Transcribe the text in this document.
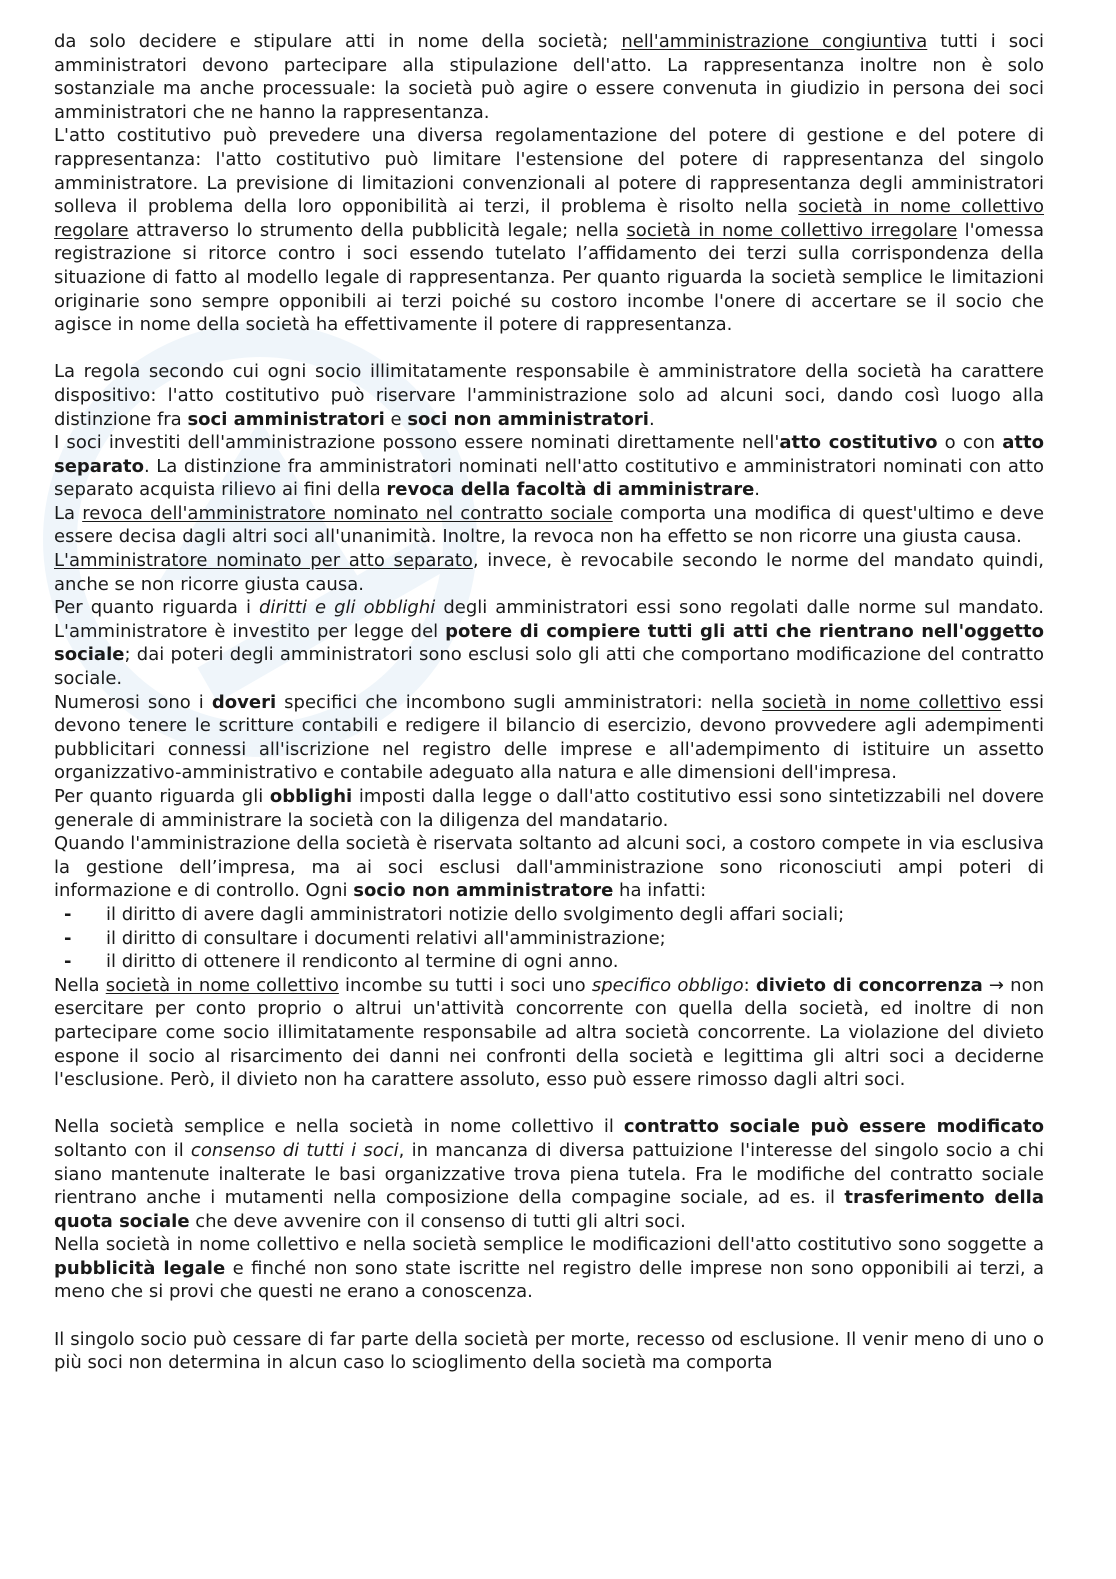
da solo decidere e stipulare atti in nome della società; nell'amministrazione congiuntiva tutti i soci amministratori devono partecipare alla stipulazione dell'atto. La rappresentanza inoltre non è solo sostanziale ma anche processuale: la società può agire o essere convenuta in giudizio in persona dei soci amministratori che ne hanno la rappresentanza.

L'atto costitutivo può prevedere una diversa regolamentazione del potere di gestione e del potere di rappresentanza: l'atto costitutivo può limitare l'estensione del potere di rappresentanza del singolo amministratore. La previsione di limitazioni convenzionali al potere di rappresentanza degli amministratori solleva il problema della loro opponibilità ai terzi, il problema è risolto nella società in nome collettivo regolare attraverso lo strumento della pubblicità legale; nella società in nome collettivo irregolare l'omessa registrazione si ritorce contro i soci essendo tutelato l’affidamento dei terzi sulla corrispondenza della situazione di fatto al modello legale di rappresentanza. Per quanto riguarda la società semplice le limitazioni originarie sono sempre opponibili ai terzi poiché su costoro incombe l'onere di accertare se il socio che agisce in nome della società ha effettivamente il potere di rappresentanza.

La regola secondo cui ogni socio illimitatamente responsabile è amministratore della società ha carattere dispositivo: l'atto costitutivo può riservare l'amministrazione solo ad alcuni soci, dando così luogo alla distinzione fra soci amministratori e soci non amministratori.

I soci investiti dell'amministrazione possono essere nominati direttamente nell'atto costitutivo o con atto separato. La distinzione fra amministratori nominati nell'atto costitutivo e amministratori nominati con atto separato acquista rilievo ai fini della revoca della facoltà di amministrare.

La revoca dell'amministratore nominato nel contratto sociale comporta una modifica di quest'ultimo e deve essere decisa dagli altri soci all'unanimità. Inoltre, la revoca non ha effetto se non ricorre una giusta causa.

L'amministratore nominato per atto separato, invece, è revocabile secondo le norme del mandato quindi, anche se non ricorre giusta causa.

Per quanto riguarda i diritti e gli obblighi degli amministratori essi sono regolati dalle norme sul mandato. L'amministratore è investito per legge del potere di compiere tutti gli atti che rientrano nell'oggetto sociale; dai poteri degli amministratori sono esclusi solo gli atti che comportano modificazione del contratto sociale.

Numerosi sono i doveri specifici che incombono sugli amministratori: nella società in nome collettivo essi devono tenere le scritture contabili e redigere il bilancio di esercizio, devono provvedere agli adempimenti pubblicitari connessi all'iscrizione nel registro delle imprese e all'adempimento di istituire un assetto organizzativo-amministrativo e contabile adeguato alla natura e alle dimensioni dell'impresa.

Per quanto riguarda gli obblighi imposti dalla legge o dall'atto costitutivo essi sono sintetizzabili nel dovere generale di amministrare la società con la diligenza del mandatario.

Quando l'amministrazione della società è riservata soltanto ad alcuni soci, a costoro compete in via esclusiva la gestione dell’impresa, ma ai soci esclusi dall'amministrazione sono riconosciuti ampi poteri di informazione e di controllo. Ogni socio non amministratore ha infatti:

- il diritto di avere dagli amministratori notizie dello svolgimento degli affari sociali;
- il diritto di consultare i documenti relativi all'amministrazione;
- il diritto di ottenere il rendiconto al termine di ogni anno.

Nella società in nome collettivo incombe su tutti i soci uno specifico obbligo: divieto di concorrenza → non esercitare per conto proprio o altrui un'attività concorrente con quella della società, ed inoltre di non partecipare come socio illimitatamente responsabile ad altra società concorrente. La violazione del divieto espone il socio al risarcimento dei danni nei confronti della società e legittima gli altri soci a deciderne l'esclusione. Però, il divieto non ha carattere assoluto, esso può essere rimosso dagli altri soci.

Nella società semplice e nella società in nome collettivo il contratto sociale può essere modificato soltanto con il consenso di tutti i soci, in mancanza di diversa pattuizione l'interesse del singolo socio a chi siano mantenute inalterate le basi organizzative trova piena tutela. Fra le modifiche del contratto sociale rientrano anche i mutamenti nella composizione della compagine sociale, ad es. il trasferimento della quota sociale che deve avvenire con il consenso di tutti gli altri soci.

Nella società in nome collettivo e nella società semplice le modificazioni dell'atto costitutivo sono soggette a pubblicità legale e finché non sono state iscritte nel registro delle imprese non sono opponibili ai terzi, a meno che si provi che questi ne erano a conoscenza.

Il singolo socio può cessare di far parte della società per morte, recesso od esclusione. Il venir meno di uno o più soci non determina in alcun caso lo scioglimento della società ma comporta
